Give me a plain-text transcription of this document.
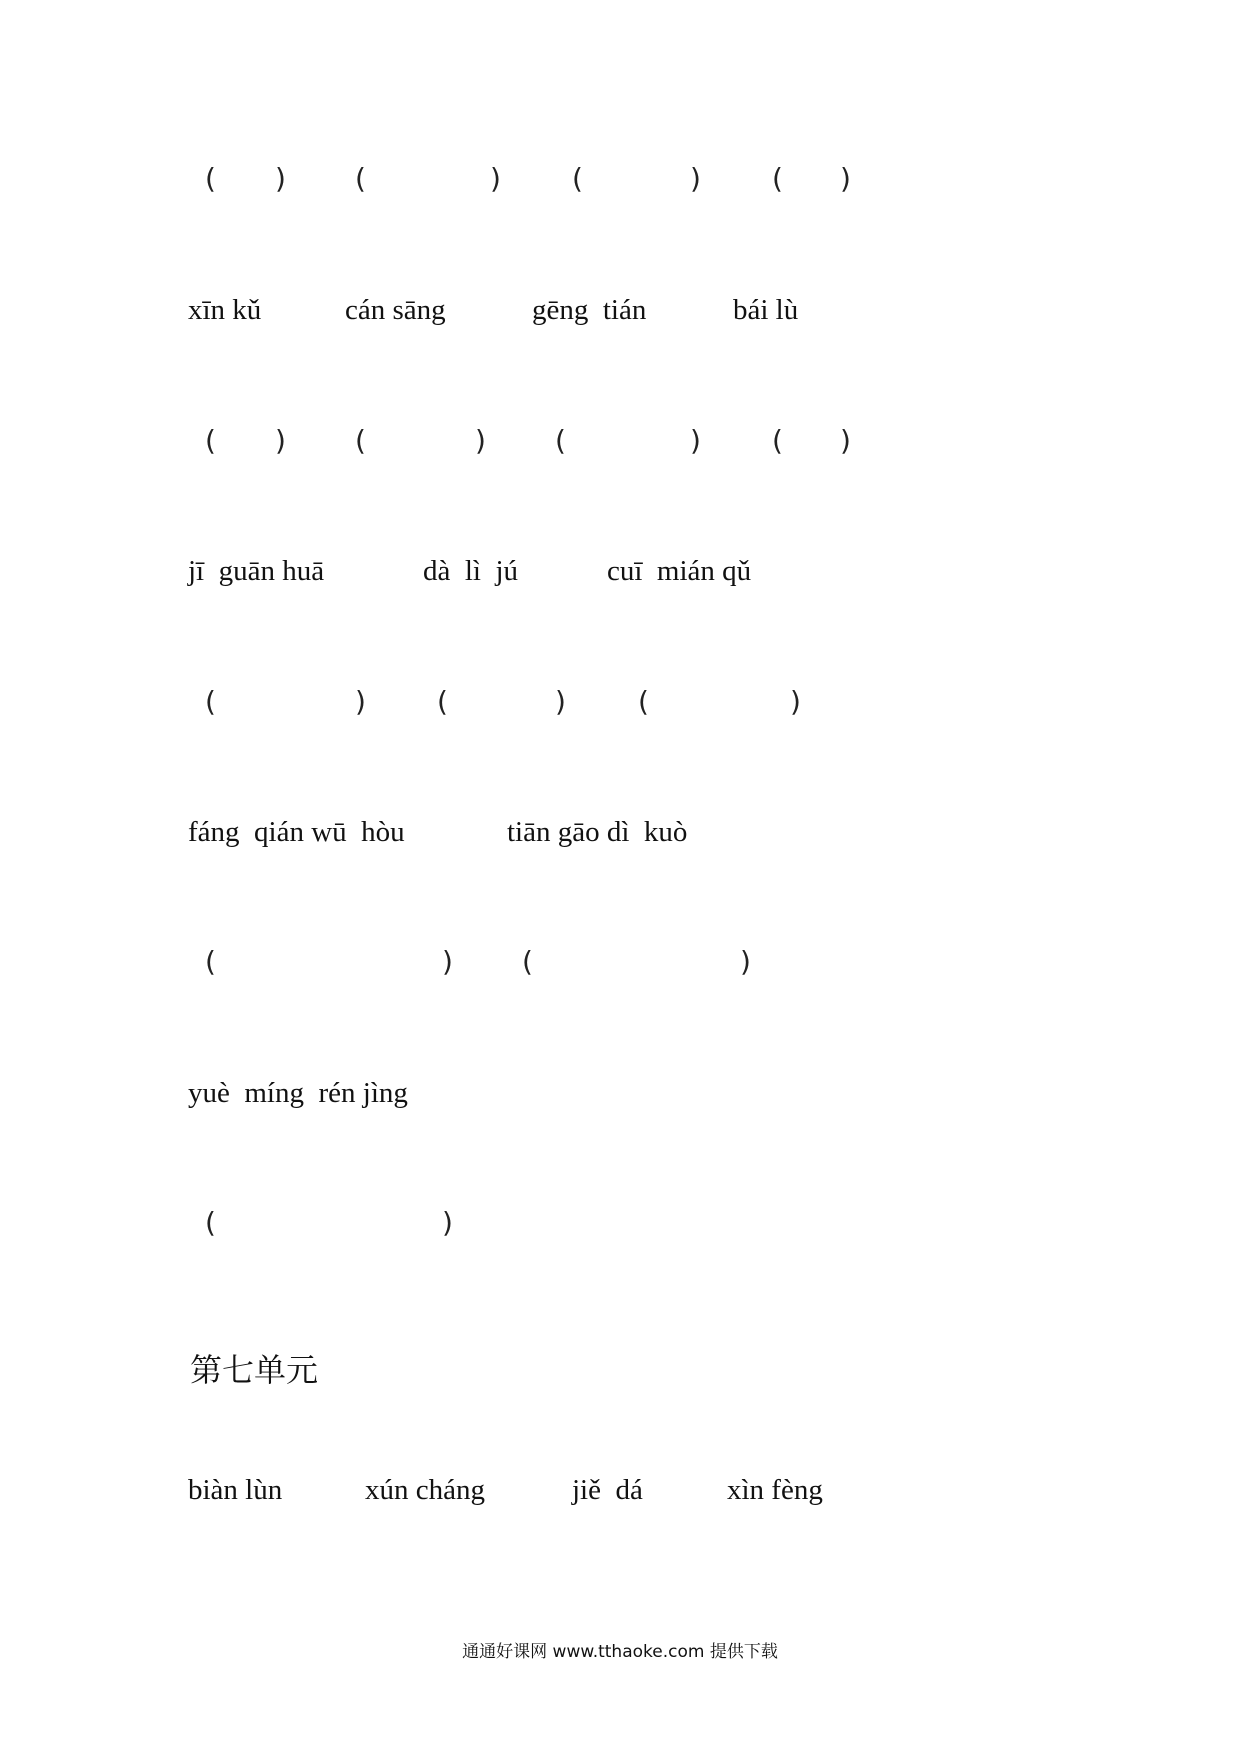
( ) (	)	(	)	( )
xīn kǔ	cán sāng	gēng  tián	bái lù
( ) (	) (	)	( )
jī  guān huā	dà  lì  jú	cuī  mián qǔ
(	)	(	)	(	)
fáng  qián wū  hòu	tiān gāo dì  kuò
(	) (	)
yuè  míng  rén jìng
(	)
第七单元
biàn lùn	xún cháng	jiě  dá	xìn fèng
通通好课网 www.tthaoke.com 提供下载
